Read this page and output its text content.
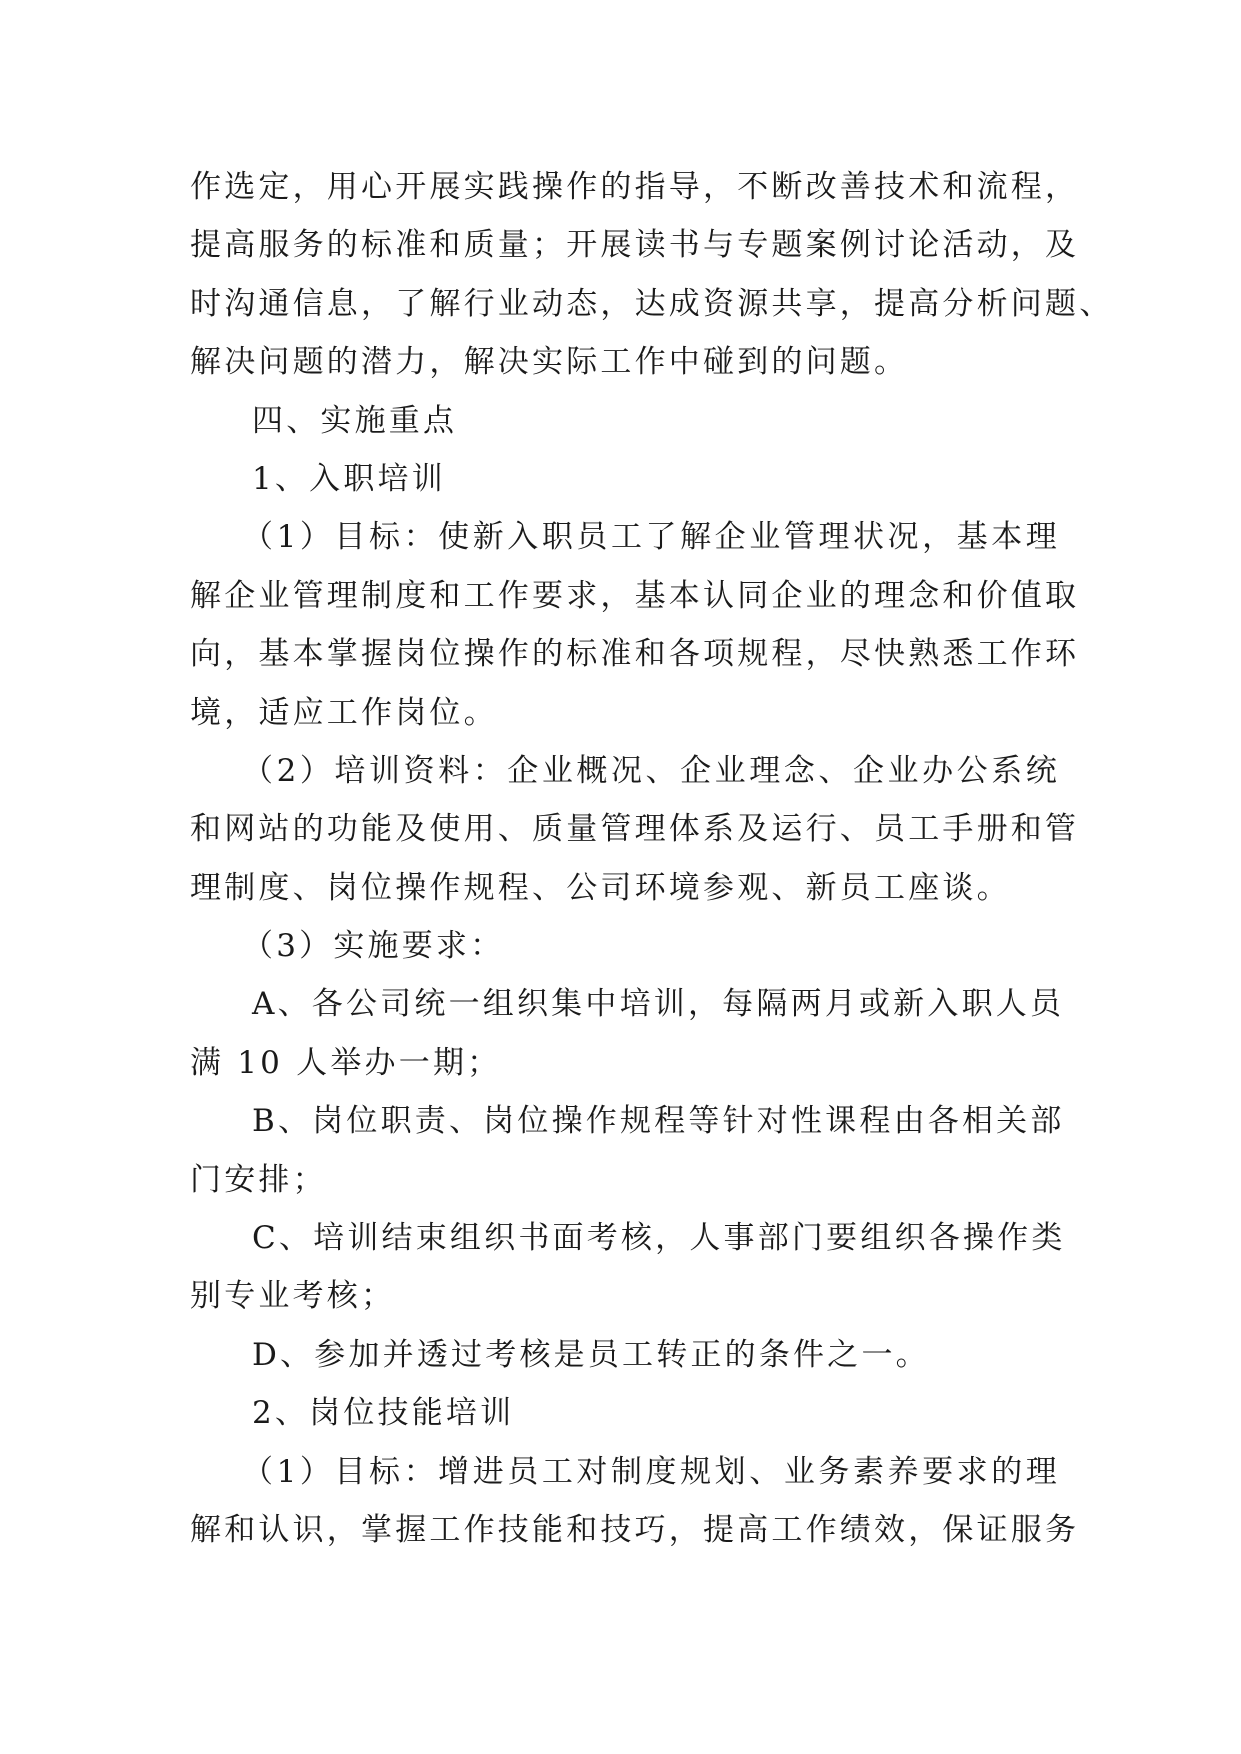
作选定，用心开展实践操作的指导，不断改善技术和流程，
提高服务的标准和质量；开展读书与专题案例讨论活动，及
时沟通信息，了解行业动态，达成资源共享，提高分析问题、
解决问题的潜力，解决实际工作中碰到的问题。
四、实施重点
1、入职培训
（1）目标：使新入职员工了解企业管理状况，基本理
解企业管理制度和工作要求，基本认同企业的理念和价值取
向，基本掌握岗位操作的标准和各项规程，尽快熟悉工作环
境，适应工作岗位。
（2）培训资料：企业概况、企业理念、企业办公系统
和网站的功能及使用、质量管理体系及运行、员工手册和管
理制度、岗位操作规程、公司环境参观、新员工座谈。
（3）实施要求：
A、各公司统一组织集中培训，每隔两月或新入职人员
满 10 人举办一期；
B、岗位职责、岗位操作规程等针对性课程由各相关部
门安排；
C、培训结束组织书面考核，人事部门要组织各操作类
别专业考核；
D、参加并透过考核是员工转正的条件之一。
2、岗位技能培训
（1）目标：增进员工对制度规划、业务素养要求的理
解和认识，掌握工作技能和技巧，提高工作绩效，保证服务
